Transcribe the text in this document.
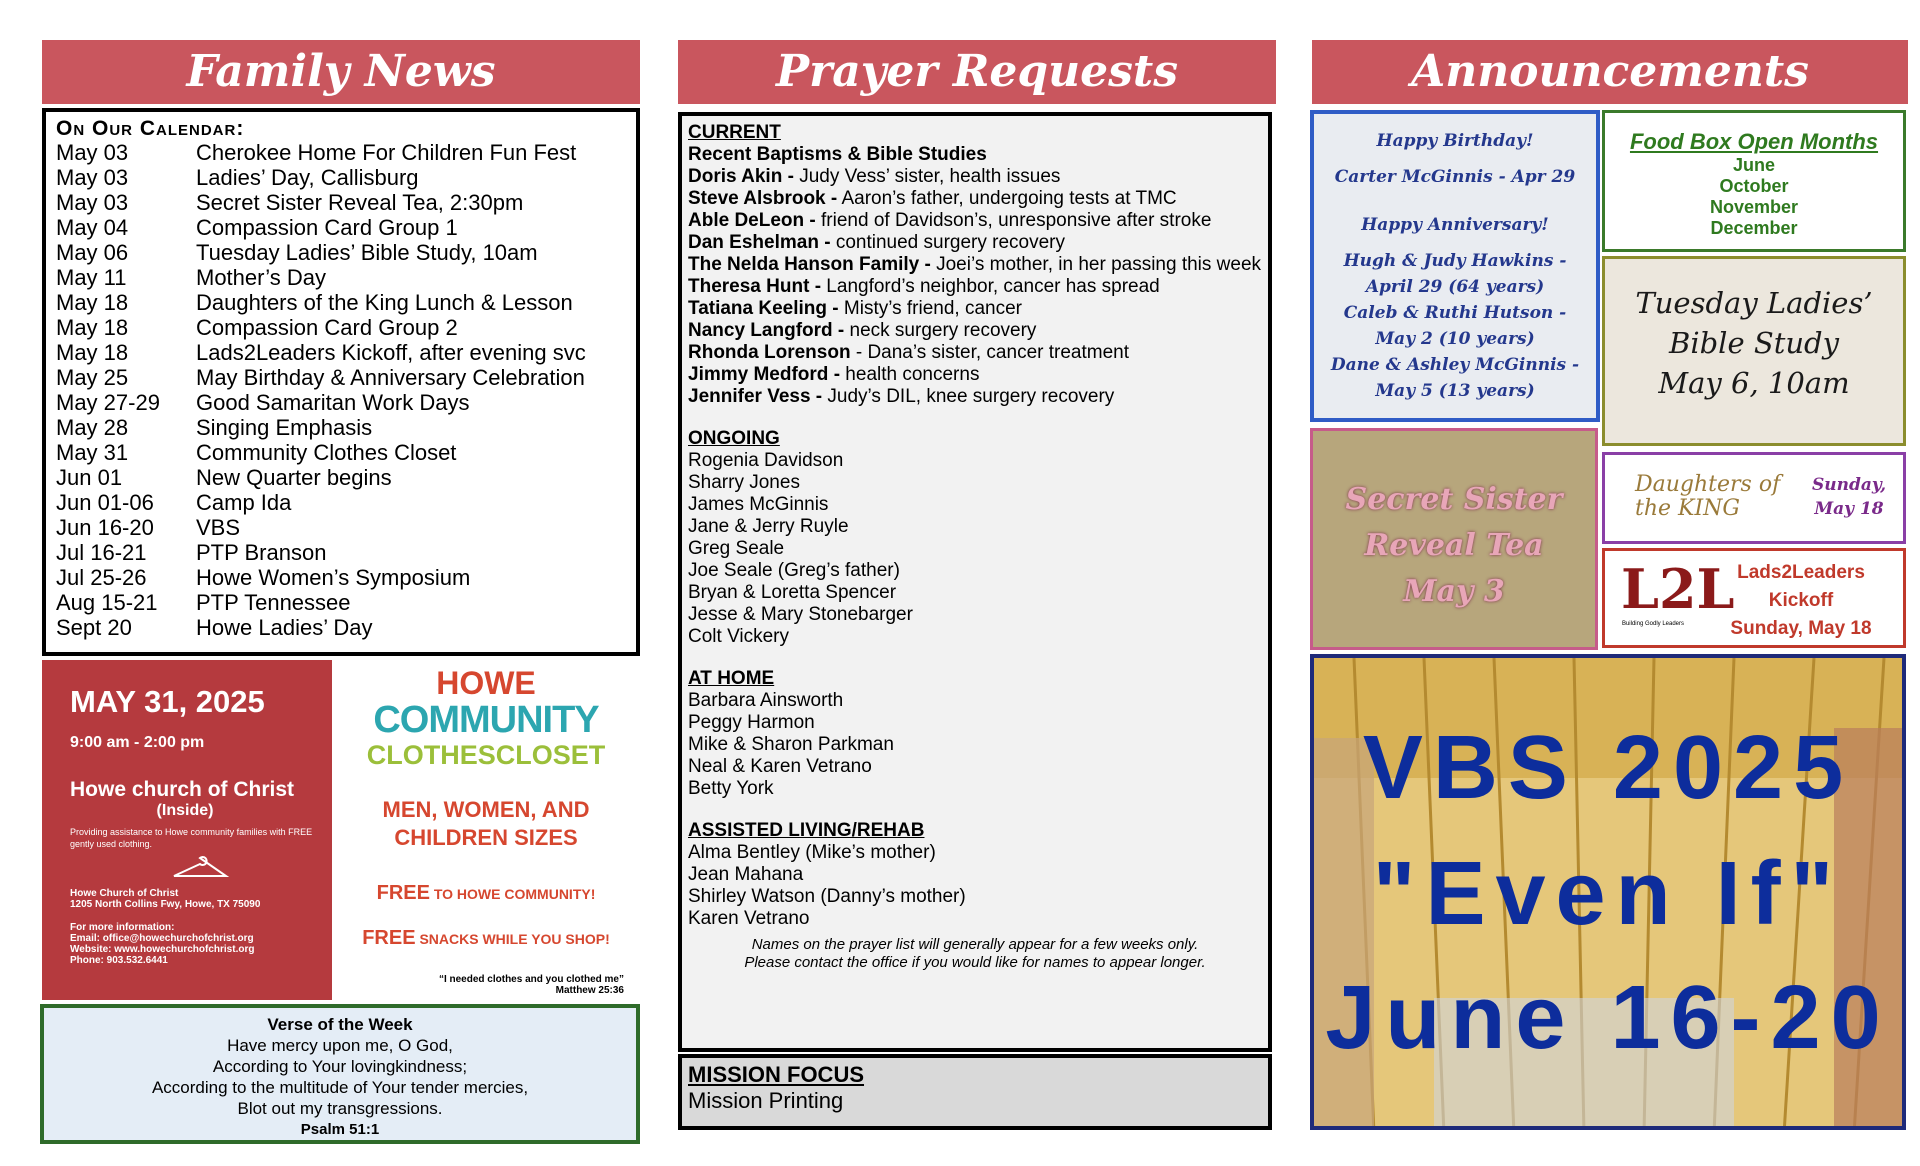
Family News
On Our Calendar:
May 03	Cherokee Home For Children Fun Fest
May 03	Ladies’ Day, Callisburg
May 03	Secret Sister Reveal Tea, 2:30pm
May 04	Compassion Card Group 1
May 06	Tuesday Ladies’ Bible Study, 10am
May 11	Mother’s Day
May 18	Daughters of the King Lunch & Lesson
May 18	Compassion Card Group 2
May 18	Lads2Leaders Kickoff, after evening svc
May 25	May Birthday & Anniversary Celebration
May 27-29	Good Samaritan Work Days
May 28	Singing Emphasis
May 31	Community Clothes Closet
Jun 01	New Quarter begins
Jun 01-06	Camp Ida
Jun 16-20	VBS
Jul 16-21	PTP Branson
Jul 25-26	Howe Women’s Symposium
Aug 15-21	PTP Tennessee
Sept 20	Howe Ladies’ Day
MAY 31, 2025
9:00 am - 2:00 pm
Howe church of Christ
(Inside)
Providing assistance to Howe community families with FREE gently used clothing.
Howe Church of Christ
1205 North Collins Fwy, Howe, TX 75090
For more information:
Email: office@howechurchofchrist.org
Website: www.howechurchofchrist.org
Phone: 903.532.6441
HOWE
COMMUNITY
CLOTHESCLOSET
MEN, WOMEN, AND CHILDREN SIZES
FREE TO HOWE COMMUNITY!
FREE SNACKS WHILE YOU SHOP!
“I needed clothes and you clothed me”
Matthew 25:36
Verse of the Week
Have mercy upon me, O God,
According to Your lovingkindness;
According to the multitude of Your tender mercies,
Blot out my transgressions.
Psalm 51:1
Prayer Requests
CURRENT
Recent Baptisms & Bible Studies
Doris Akin - Judy Vess’ sister, health issues
Steve Alsbrook - Aaron’s father, undergoing tests at TMC
Able DeLeon - friend of Davidson’s, unresponsive after stroke
Dan Eshelman - continued surgery recovery
The Nelda Hanson Family - Joei’s mother, in her passing this week
Theresa Hunt - Langford’s neighbor, cancer has spread
Tatiana Keeling - Misty’s friend, cancer
Nancy Langford - neck surgery recovery
Rhonda Lorenson - Dana’s sister, cancer treatment
Jimmy Medford - health concerns
Jennifer Vess - Judy’s DIL, knee surgery recovery
ONGOING
Rogenia Davidson
Sharry Jones
James McGinnis
Jane & Jerry Ruyle
Greg Seale
Joe Seale (Greg’s father)
Bryan & Loretta Spencer
Jesse & Mary Stonebarger
Colt Vickery
AT HOME
Barbara Ainsworth
Peggy Harmon
Mike & Sharon Parkman
Neal & Karen Vetrano
Betty York
ASSISTED LIVING/REHAB
Alma Bentley (Mike’s mother)
Jean Mahana
Shirley Watson (Danny’s mother)
Karen Vetrano
Names on the prayer list will generally appear for a few weeks only.
Please contact the office if you would like for names to appear longer.
MISSION FOCUS
Mission Printing
Announcements
Happy Birthday!
Carter McGinnis - Apr 29
Happy Anniversary!
Hugh & Judy Hawkins -
April 29 (64 years)
Caleb & Ruthi Hutson -
May 2 (10 years)
Dane & Ashley McGinnis -
May 5 (13 years)
Food Box Open Months
June
October
November
December
Tuesday Ladies’
Bible Study
May 6, 10am
Secret Sister
Reveal Tea
May 3
Daughters of the KING
Sunday,
May 18
L2L
Building Godly Leaders
Lads2Leaders
Kickoff
Sunday, May 18
VBS 2025
"Even If"
June 16-20
